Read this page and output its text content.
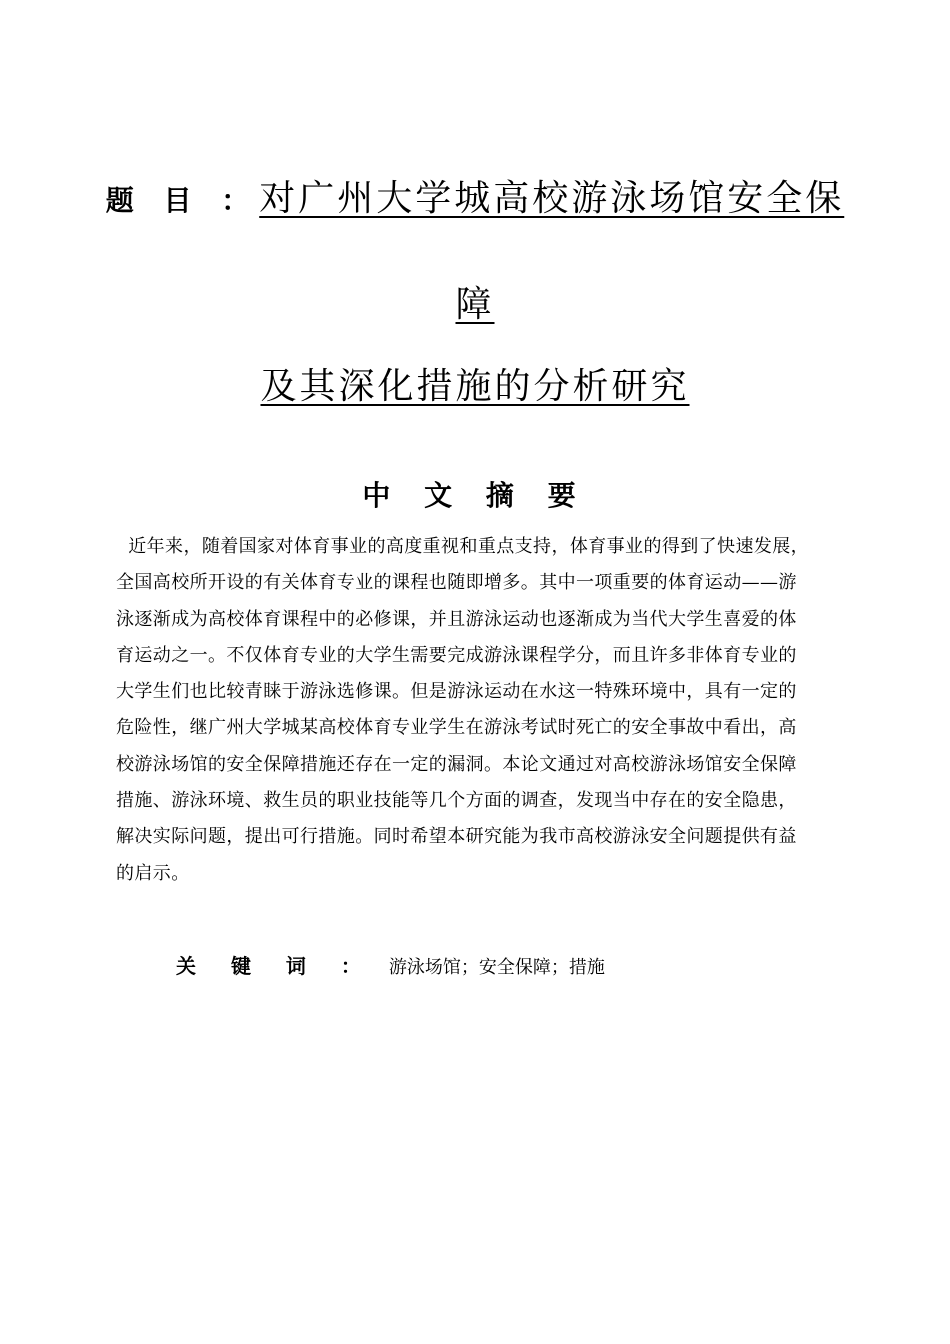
题 目 ：对广州大学城高校游泳场馆安全保
障
及其深化措施的分析研究
中 文 摘 要
近年来，随着国家对体育事业的高度重视和重点支持，体育事业的得到了快速发展，
全国高校所开设的有关体育专业的课程也随即增多。其中一项重要的体育运动——游
泳逐渐成为高校体育课程中的必修课，并且游泳运动也逐渐成为当代大学生喜爱的体
育运动之一。不仅体育专业的大学生需要完成游泳课程学分，而且许多非体育专业的
大学生们也比较青睐于游泳选修课。但是游泳运动在水这一特殊环境中，具有一定的
危险性，继广州大学城某高校体育专业学生在游泳考试时死亡的安全事故中看出，高
校游泳场馆的安全保障措施还存在一定的漏洞。本论文通过对高校游泳场馆安全保障
措施、游泳环境、救生员的职业技能等几个方面的调查，发现当中存在的安全隐患，
解决实际问题，提出可行措施。同时希望本研究能为我市高校游泳安全问题提供有益
的启示。
关 键 词 ： 游泳场馆；安全保障；措施
